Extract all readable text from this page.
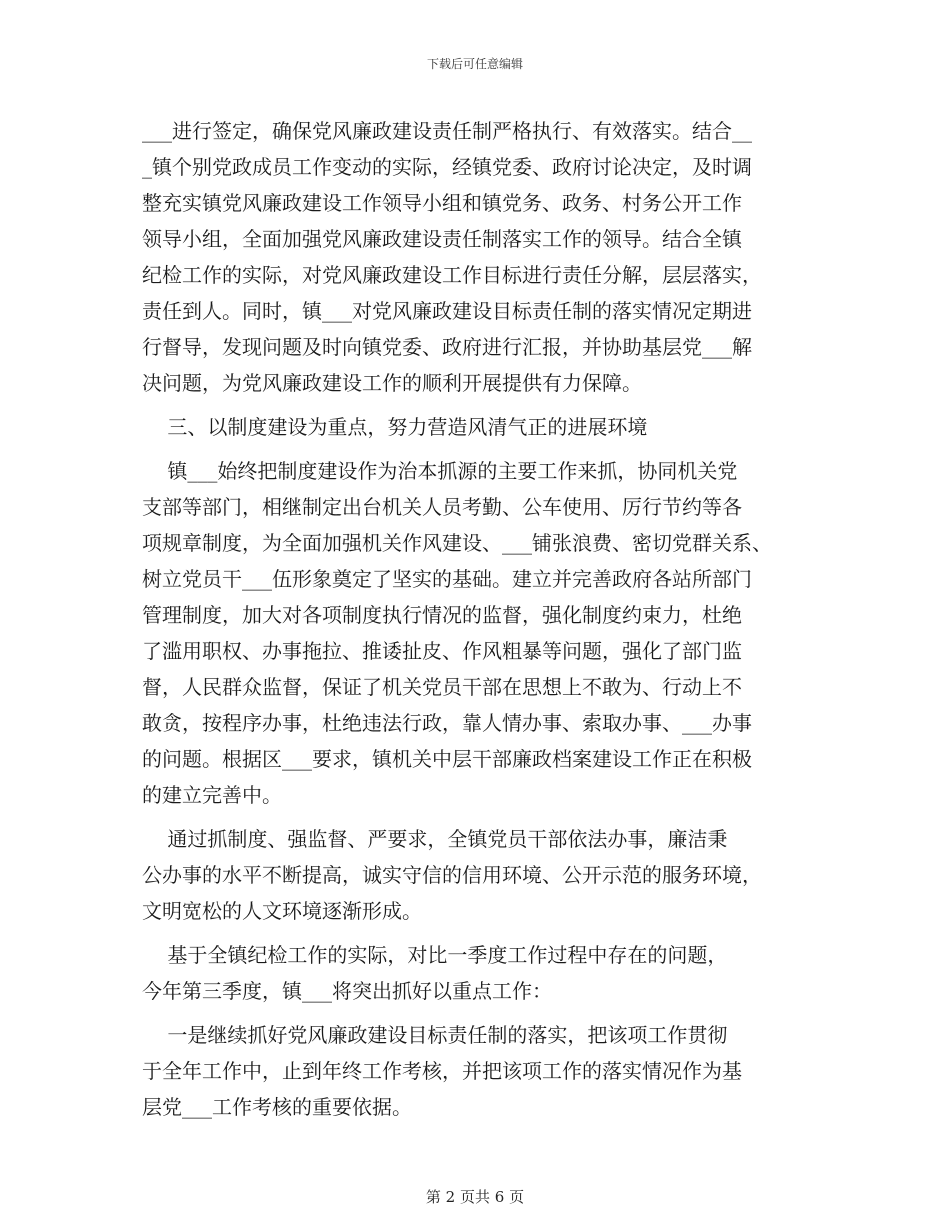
下载后可任意编辑
___进行签定，确保党风廉政建设责任制严格执行、有效落实。结合__
_镇个别党政成员工作变动的实际，经镇党委、政府讨论决定，及时调
整充实镇党风廉政建设工作领导小组和镇党务、政务、村务公开工作
领导小组，全面加强党风廉政建设责任制落实工作的领导。结合全镇
纪检工作的实际，对党风廉政建设工作目标进行责任分解，层层落实，
责任到人。同时，镇___对党风廉政建设目标责任制的落实情况定期进
行督导，发现问题及时向镇党委、政府进行汇报，并协助基层党___解
决问题，为党风廉政建设工作的顺利开展提供有力保障。
三、以制度建设为重点，努力营造风清气正的进展环境
镇___始终把制度建设作为治本抓源的主要工作来抓，协同机关党
支部等部门，相继制定出台机关人员考勤、公车使用、厉行节约等各
项规章制度，为全面加强机关作风建设、___铺张浪费、密切党群关系、
树立党员干___伍形象奠定了坚实的基础。建立并完善政府各站所部门
管理制度，加大对各项制度执行情况的监督，强化制度约束力，杜绝
了滥用职权、办事拖拉、推诿扯皮、作风粗暴等问题，强化了部门监
督，人民群众监督，保证了机关党员干部在思想上不敢为、行动上不
敢贪，按程序办事，杜绝违法行政，靠人情办事、索取办事、___办事
的问题。根据区___要求，镇机关中层干部廉政档案建设工作正在积极
的建立完善中。
通过抓制度、强监督、严要求，全镇党员干部依法办事，廉洁秉
公办事的水平不断提高，诚实守信的信用环境、公开示范的服务环境，
文明宽松的人文环境逐渐形成。
基于全镇纪检工作的实际，对比一季度工作过程中存在的问题，
今年第三季度，镇___将突出抓好以重点工作：
一是继续抓好党风廉政建设目标责任制的落实，把该项工作贯彻
于全年工作中，止到年终工作考核，并把该项工作的落实情况作为基
层党___工作考核的重要依据。
第 2 页共 6 页
